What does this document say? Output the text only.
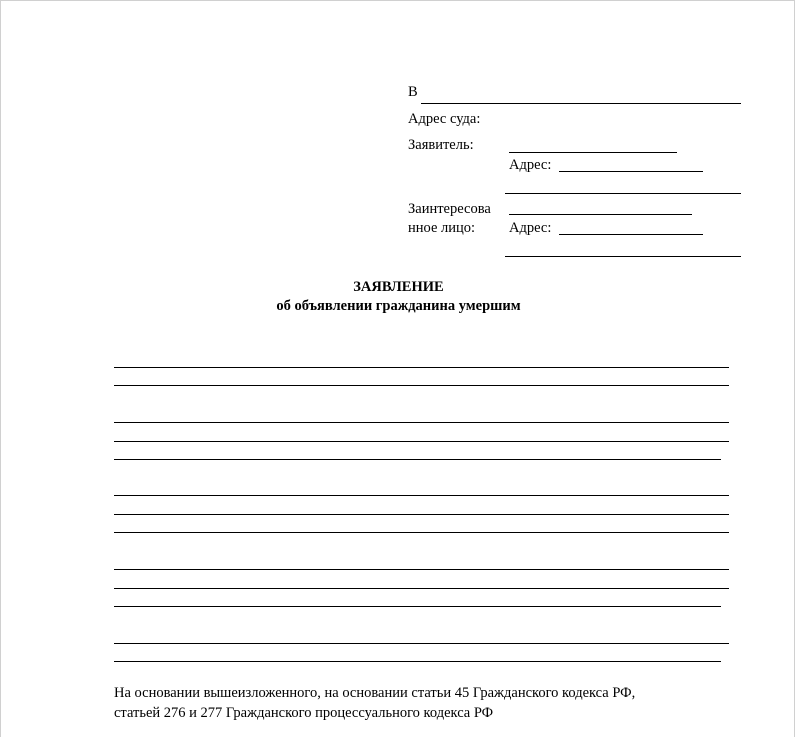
В
Адрес суда:
Заявитель:
Адрес:
Заинтересова
нное лицо: Адрес:
ЗАЯВЛЕНИЕ
об объявлении гражданина умершим
На основании вышеизложенного, на основании статьи 45 Гражданского кодекса РФ,
статьей 276 и 277 Гражданского процессуального кодекса РФ
